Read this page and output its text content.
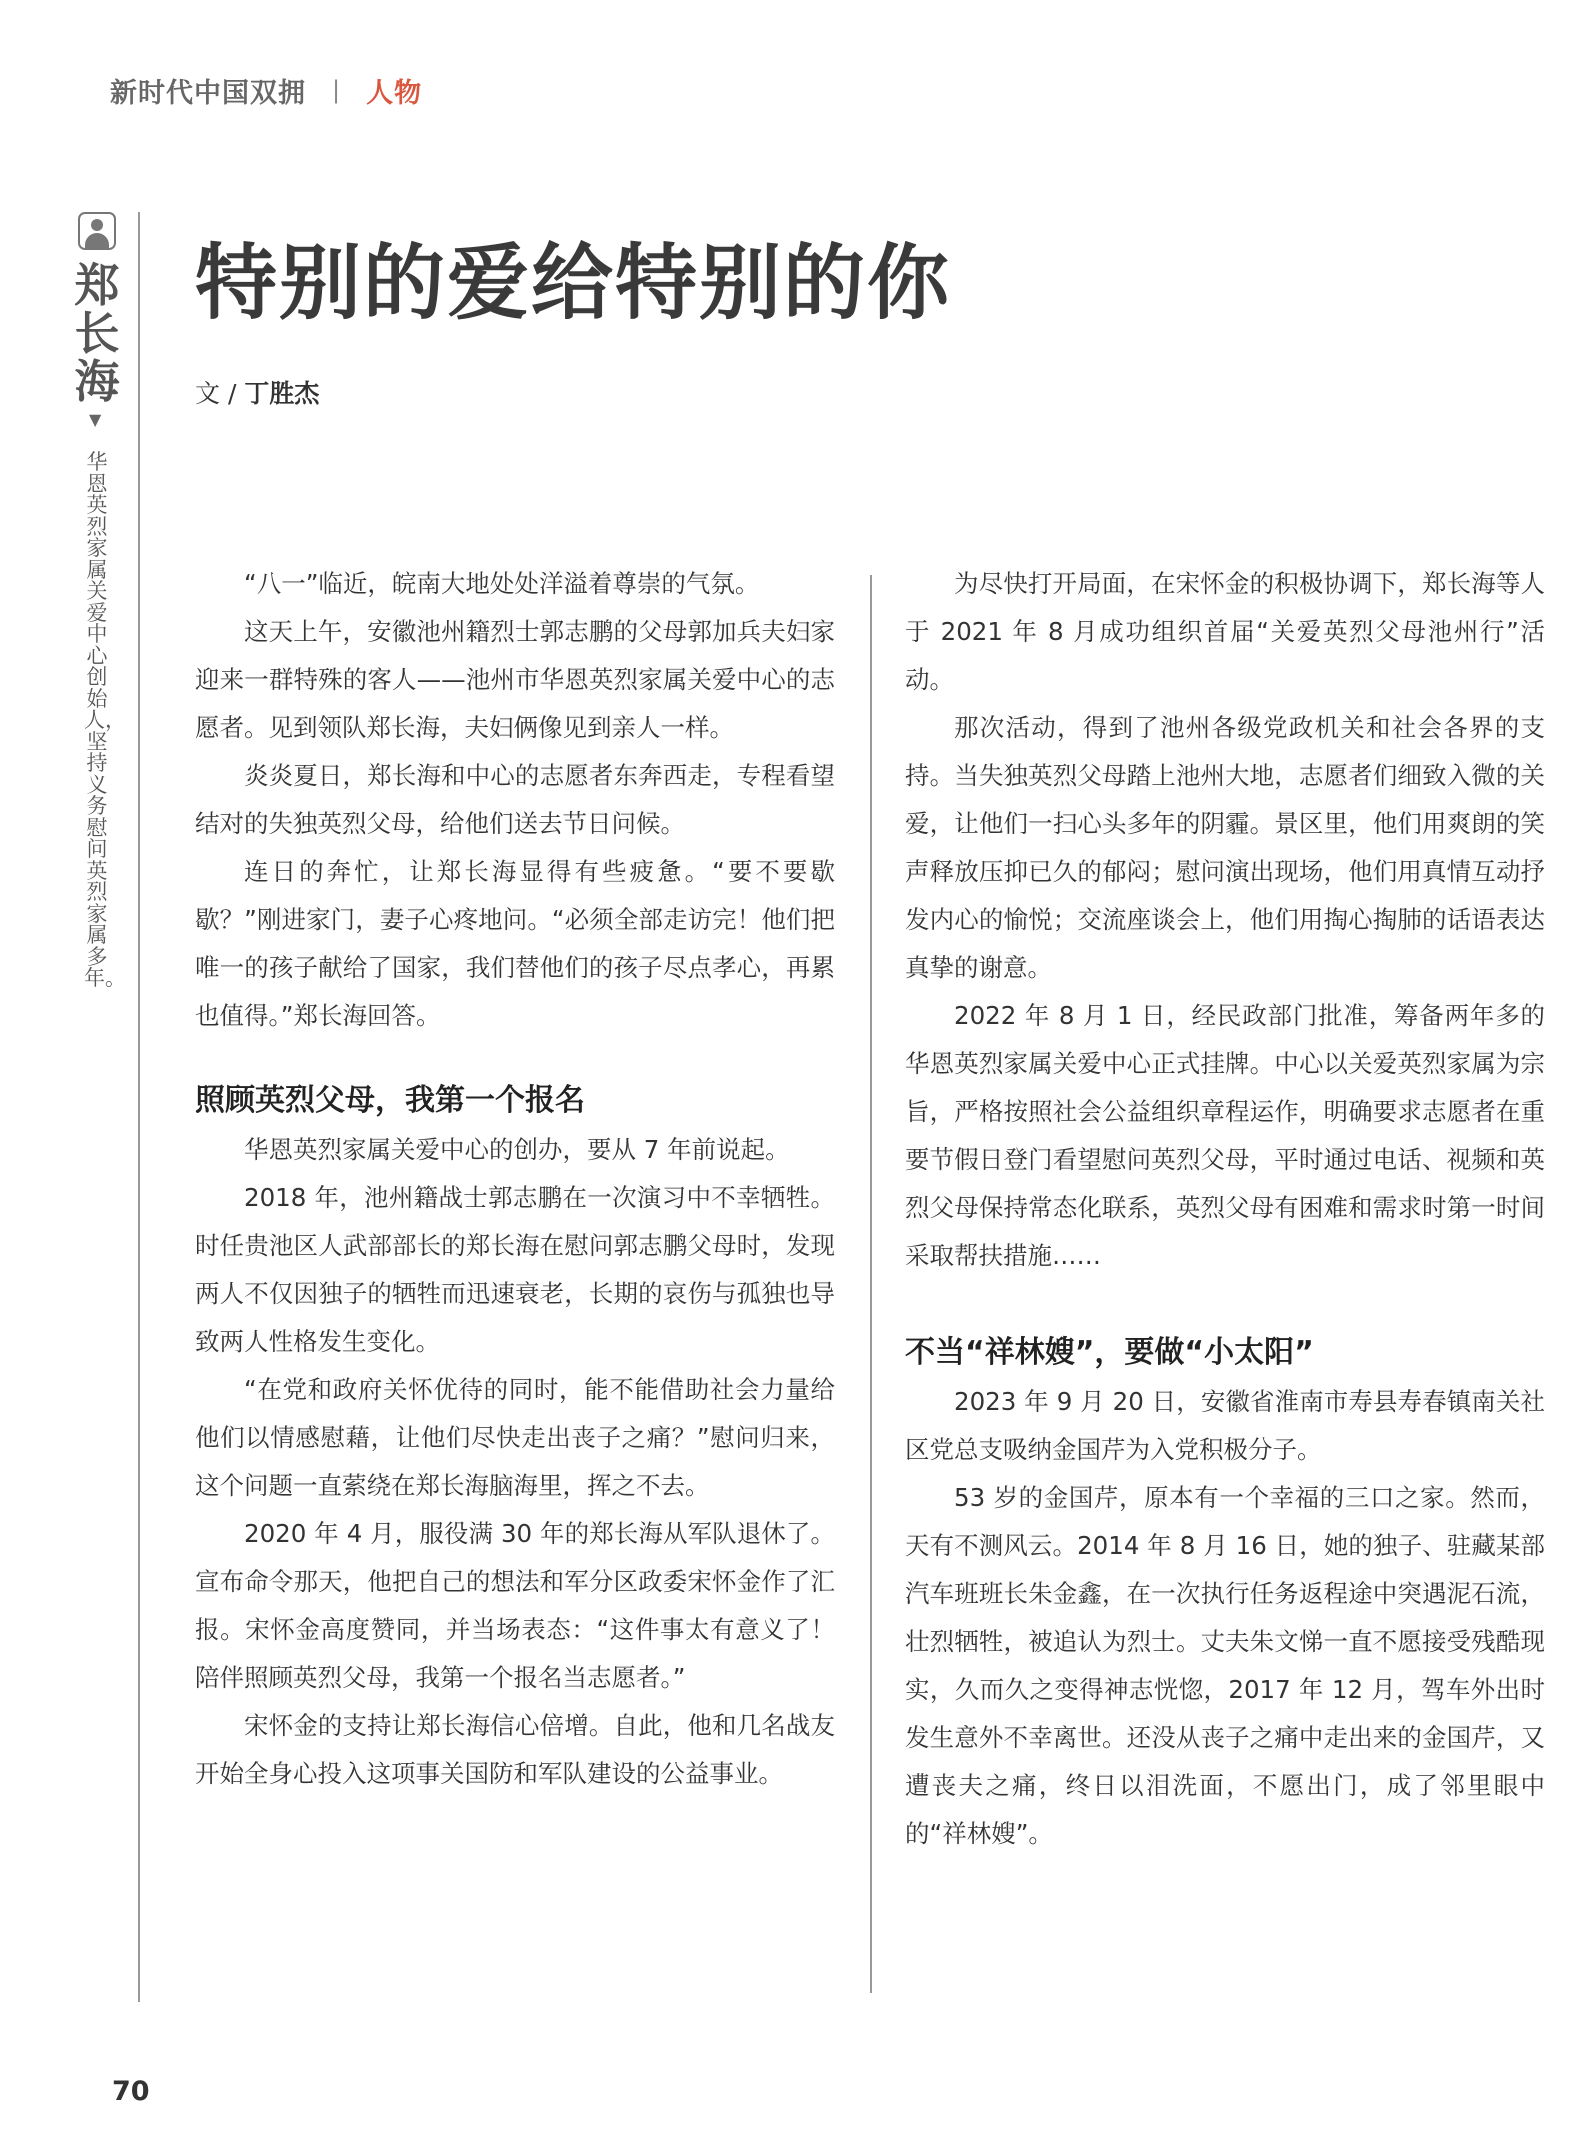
新时代中国双拥 | 人物
郑长海
▼
华恩英烈家属关爱中心创始人，坚持义务慰问英烈家属多年。
特别的爱给特别的你
文 / 丁胜杰

“八一”临近，皖南大地处处洋溢着尊崇的气氛。

这天上午，安徽池州籍烈士郭志鹏的父母郭加兵夫妇家迎来一群特殊的客人——池州市华恩英烈家属关爱中心的志愿者。见到领队郑长海，夫妇俩像见到亲人一样。

炎炎夏日，郑长海和中心的志愿者东奔西走，专程看望结对的失独英烈父母，给他们送去节日问候。

连日的奔忙，让郑长海显得有些疲惫。“要不要歇歇？”刚进家门，妻子心疼地问。“必须全部走访完！他们把唯一的孩子献给了国家，我们替他们的孩子尽点孝心，再累也值得。”郑长海回答。

照顾英烈父母，我第一个报名

华恩英烈家属关爱中心的创办，要从 7 年前说起。

2018 年，池州籍战士郭志鹏在一次演习中不幸牺牲。时任贵池区人武部部长的郑长海在慰问郭志鹏父母时，发现两人不仅因独子的牺牲而迅速衰老，长期的哀伤与孤独也导致两人性格发生变化。

“在党和政府关怀优待的同时，能不能借助社会力量给他们以情感慰藉，让他们尽快走出丧子之痛？”慰问归来，这个问题一直萦绕在郑长海脑海里，挥之不去。

2020 年 4 月，服役满 30 年的郑长海从军队退休了。宣布命令那天，他把自己的想法和军分区政委宋怀金作了汇报。宋怀金高度赞同，并当场表态：“这件事太有意义了！陪伴照顾英烈父母，我第一个报名当志愿者。”

宋怀金的支持让郑长海信心倍增。自此，他和几名战友开始全身心投入这项事关国防和军队建设的公益事业。

为尽快打开局面，在宋怀金的积极协调下，郑长海等人于 2021 年 8 月成功组织首届“关爱英烈父母池州行”活动。

那次活动，得到了池州各级党政机关和社会各界的支持。当失独英烈父母踏上池州大地，志愿者们细致入微的关爱，让他们一扫心头多年的阴霾。景区里，他们用爽朗的笑声释放压抑已久的郁闷；慰问演出现场，他们用真情互动抒发内心的愉悦；交流座谈会上，他们用掏心掏肺的话语表达真挚的谢意。

2022 年 8 月 1 日，经民政部门批准，筹备两年多的华恩英烈家属关爱中心正式挂牌。中心以关爱英烈家属为宗旨，严格按照社会公益组织章程运作，明确要求志愿者在重要节假日登门看望慰问英烈父母，平时通过电话、视频和英烈父母保持常态化联系，英烈父母有困难和需求时第一时间采取帮扶措施……

不当“祥林嫂”，要做“小太阳”

2023 年 9 月 20 日，安徽省淮南市寿县寿春镇南关社区党总支吸纳金国芹为入党积极分子。

53 岁的金国芹，原本有一个幸福的三口之家。然而，天有不测风云。2014 年 8 月 16 日，她的独子、驻藏某部汽车班班长朱金鑫，在一次执行任务返程途中突遇泥石流，壮烈牺牲，被追认为烈士。丈夫朱文悌一直不愿接受残酷现实，久而久之变得神志恍惚，2017 年 12 月，驾车外出时发生意外不幸离世。还没从丧子之痛中走出来的金国芹，又遭丧夫之痛，终日以泪洗面，不愿出门，成了邻里眼中的“祥林嫂”。

70
